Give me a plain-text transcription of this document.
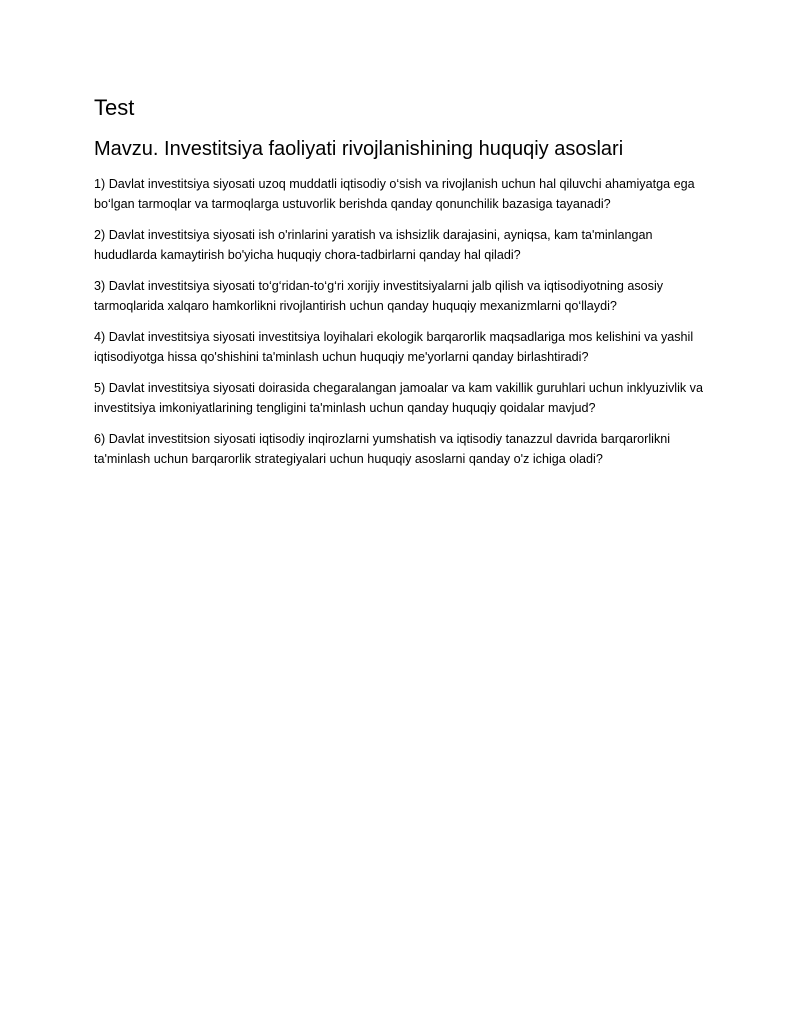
Test
Mavzu. Investitsiya faoliyati rivojlanishining huquqiy asoslari

1) Davlat investitsiya siyosati uzoq muddatli iqtisodiy o‘sish va rivojlanish uchun hal qiluvchi ahamiyatga ega bo‘lgan tarmoqlar va tarmoqlarga ustuvorlik berishda qanday qonunchilik bazasiga tayanadi?

2) Davlat investitsiya siyosati ish o'rinlarini yaratish va ishsizlik darajasini, ayniqsa, kam ta'minlangan hududlarda kamaytirish bo'yicha huquqiy chora-tadbirlarni qanday hal qiladi?

3) Davlat investitsiya siyosati to‘g‘ridan-to‘g‘ri xorijiy investitsiyalarni jalb qilish va iqtisodiyotning asosiy tarmoqlarida xalqaro hamkorlikni rivojlantirish uchun qanday huquqiy mexanizmlarni qo‘llaydi?

4) Davlat investitsiya siyosati investitsiya loyihalari ekologik barqarorlik maqsadlariga mos kelishini va yashil iqtisodiyotga hissa qo'shishini ta'minlash uchun huquqiy me'yorlarni qanday birlashtiradi?

5) Davlat investitsiya siyosati doirasida chegaralangan jamoalar va kam vakillik guruhlari uchun inklyuzivlik va investitsiya imkoniyatlarining tengligini ta'minlash uchun qanday huquqiy qoidalar mavjud?

6) Davlat investitsion siyosati iqtisodiy inqirozlarni yumshatish va iqtisodiy tanazzul davrida barqarorlikni ta'minlash uchun barqarorlik strategiyalari uchun huquqiy asoslarni qanday o'z ichiga oladi?
